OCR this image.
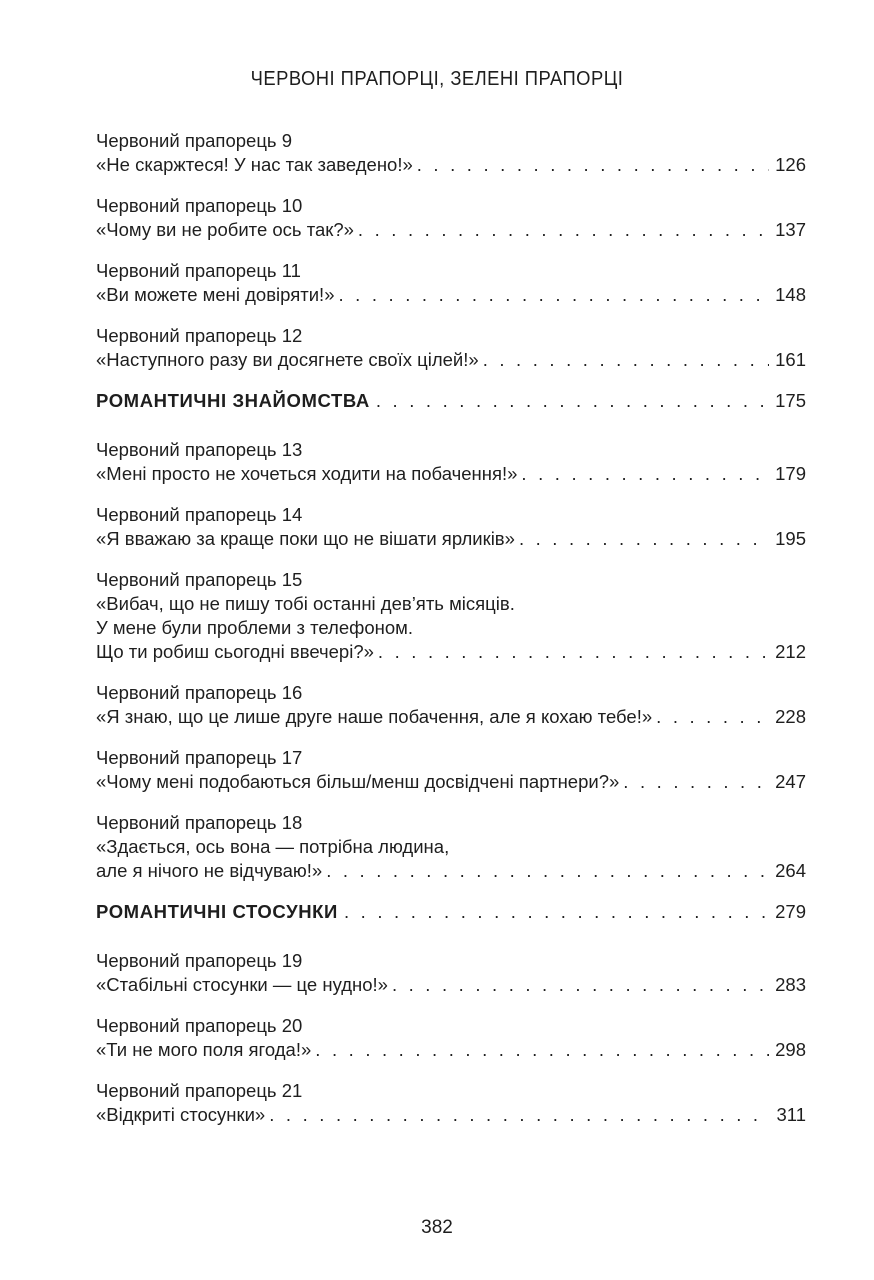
ЧЕРВОНІ ПРАПОРЦІ, ЗЕЛЕНІ ПРАПОРЦІ
Червоний прапорець 9
«Не скаржтеся! У нас так заведено!» . . .	126
Червоний прапорець 10
«Чому ви не робите ось так?» . . .	137
Червоний прапорець 11
«Ви можете мені довіряти!» . . .	148
Червоний прапорець 12
«Наступного разу ви досягнете своїх цілей!» . . .	161
РОМАНТИЧНІ ЗНАЙОМСТВА . . .	175
Червоний прапорець 13
«Мені просто не хочеться ходити на побачення!» . . .	179
Червоний прапорець 14
«Я вважаю за краще поки що не вішати ярликів» . . .	195
Червоний прапорець 15
«Вибач, що не пишу тобі останні дев’ять місяців.
У мене були проблеми з телефоном.
Що ти робиш сьогодні ввечері?» . . .	212
Червоний прапорець 16
«Я знаю, що це лише друге наше побачення, але я кохаю тебе!» . . .	228
Червоний прапорець 17
«Чому мені подобаються більш/менш досвідчені партнери?» . . .	247
Червоний прапорець 18
«Здається, ось вона — потрібна людина,
але я нічого не відчуваю!» . . .	264
РОМАНТИЧНІ СТОСУНКИ . . .	279
Червоний прапорець 19
«Стабільні стосунки — це нудно!» . . .	283
Червоний прапорець 20
«Ти не мого поля ягода!» . . .	298
Червоний прапорець 21
«Відкриті стосунки» . . .	311
382
